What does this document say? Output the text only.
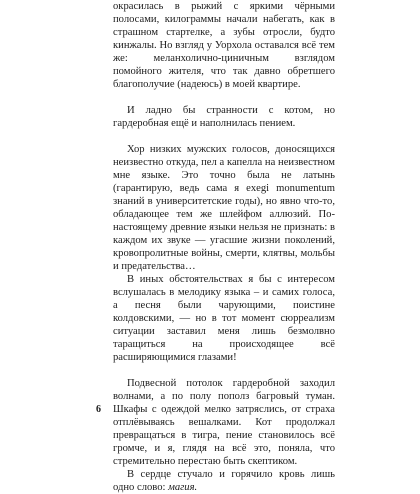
окрасилась в рыжий с яркими чёрными полосами, килограммы начали набегать, как в страшном стартелке, а зубы отросли, будто кинжалы. Но взгляд у Уорхола оставался всё тем же: меланхолично-циничным взглядом помойного жителя, что так давно обретшего благополучие (надеюсь) в моей квартире.

И ладно бы странности с котом, но гардеробная ещё и наполнилась пением.

Хор низких мужских голосов, доносящихся неизвестно откуда, пел а капелла на неизвестном мне языке. Это точно была не латынь (гарантирую, ведь сама я exegi monumentum знаний в университетские годы), но явно что-то, обладающее тем же шлейфом аллюзий. По-настоящему древние языки нельзя не признать: в каждом их звуке — угасшие жизни поколений, кровопролитные войны, смерти, клятвы, мольбы и предательства…

В иных обстоятельствах я бы с интересом вслушалась в мелодику языка – и самих голоса, а песня были чарующими, поистине колдовскими, — но в тот момент сюрреализм ситуации заставил меня лишь безмолвно таращиться на происходящее всё расширяющимися глазами!

Подвесной потолок гардеробной заходил волнами, а по полу пополз багровый туман. Шкафы с одеждой мелко затряслись, от страха отплёвываясь вешалками. Кот продолжал превращаться в тигра, пение становилось всё громче, и я, глядя на всё это, поняла, что стремительно перестаю быть скептиком.

В сердце стучало и горячило кровь лишь одно слово: магия.

6
